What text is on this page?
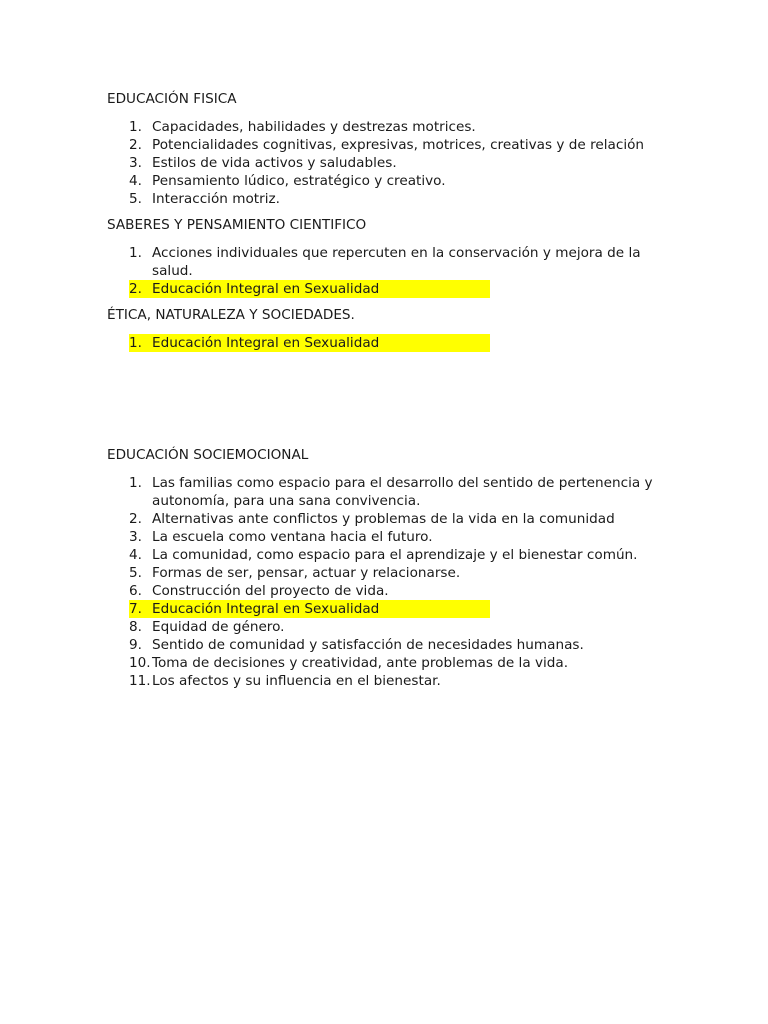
EDUCACIÓN FISICA

1. Capacidades, habilidades y destrezas motrices.
2. Potencialidades cognitivas, expresivas, motrices, creativas y de relación
3. Estilos de vida activos y saludables.
4. Pensamiento lúdico, estratégico y creativo.
5. Interacción motriz.

SABERES Y PENSAMIENTO CIENTIFICO

1. Acciones individuales que repercuten en la conservación y mejora de la salud.
2. Educación Integral en Sexualidad

ÉTICA, NATURALEZA Y SOCIEDADES.

1. Educación Integral en Sexualidad

EDUCACIÓN SOCIEMOCIONAL

1. Las familias como espacio para el desarrollo del sentido de pertenencia y autonomía, para una sana convivencia.
2. Alternativas ante conflictos y problemas de la vida en la comunidad
3. La escuela como ventana hacia el futuro.
4. La comunidad, como espacio para el aprendizaje y el bienestar común.
5. Formas de ser, pensar, actuar y relacionarse.
6. Construcción del proyecto de vida.
7. Educación Integral en Sexualidad
8. Equidad de género.
9. Sentido de comunidad y satisfacción de necesidades humanas.
10. Toma de decisiones y creatividad, ante problemas de la vida.
11. Los afectos y su influencia en el bienestar.
